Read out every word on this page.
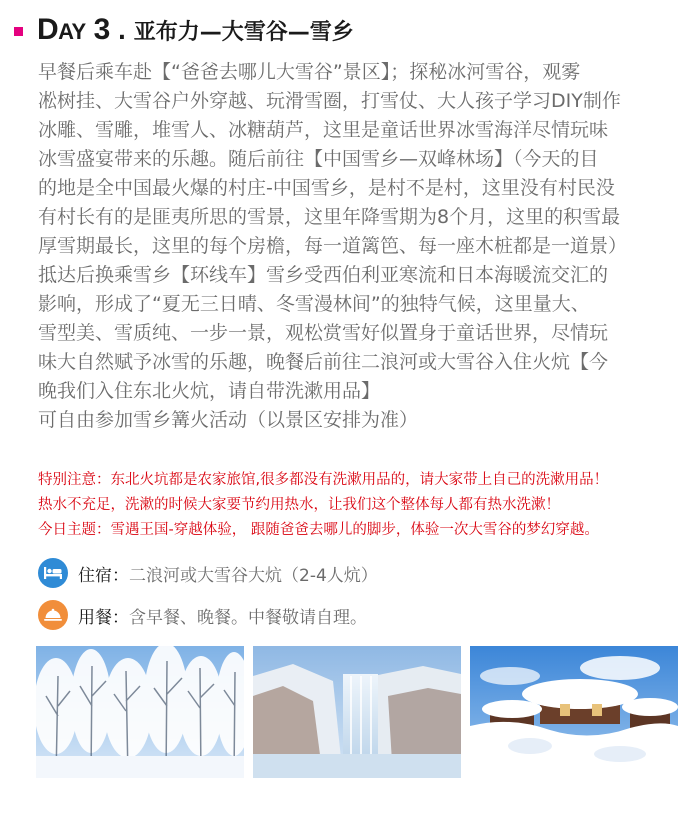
DAY 3 . 亚布力—大雪谷—雪乡

早餐后乘车赴【“爸爸去哪儿大雪谷”景区】；探秘冰河雪谷，观雾

凇树挂、大雪谷户外穿越、玩滑雪圈，打雪仗、大人孩子学习DIY制作

冰雕、雪雕，堆雪人、冰糖葫芦，这里是童话世界冰雪海洋尽情玩味

冰雪盛宴带来的乐趣。随后前往【中国雪乡—双峰林场】（今天的目

的地是全中国最火爆的村庄-中国雪乡，是村不是村，这里没有村民没

有村长有的是匪夷所思的雪景，这里年降雪期为8个月，这里的积雪最

厚雪期最长，这里的每个房檐，每一道篱笆、每一座木桩都是一道景）

抵达后换乘雪乡【环线车】雪乡受西伯利亚寒流和日本海暖流交汇的

影响，形成了“夏无三日晴、冬雪漫林间”的独特气候，这里量大、

雪型美、雪质纯、一步一景，观松赏雪好似置身于童话世界，尽情玩

味大自然赋予冰雪的乐趣，晚餐后前往二浪河或大雪谷入住火炕【今

晚我们入住东北火炕，请自带洗漱用品】

可自由参加雪乡篝火活动（以景区安排为准）

特别注意：东北火坑都是农家旅馆,很多都没有洗漱用品的，请大家带上自己的洗漱用品！

热水不充足，洗漱的时候大家要节约用热水，让我们这个整体每人都有热水洗漱！

今日主题：雪遇王国-穿越体验， 跟随爸爸去哪儿的脚步，体验一次大雪谷的梦幻穿越。

住宿： 二浪河或大雪谷大炕（2-4人炕）
用餐： 含早餐、晚餐。中餐敬请自理。
